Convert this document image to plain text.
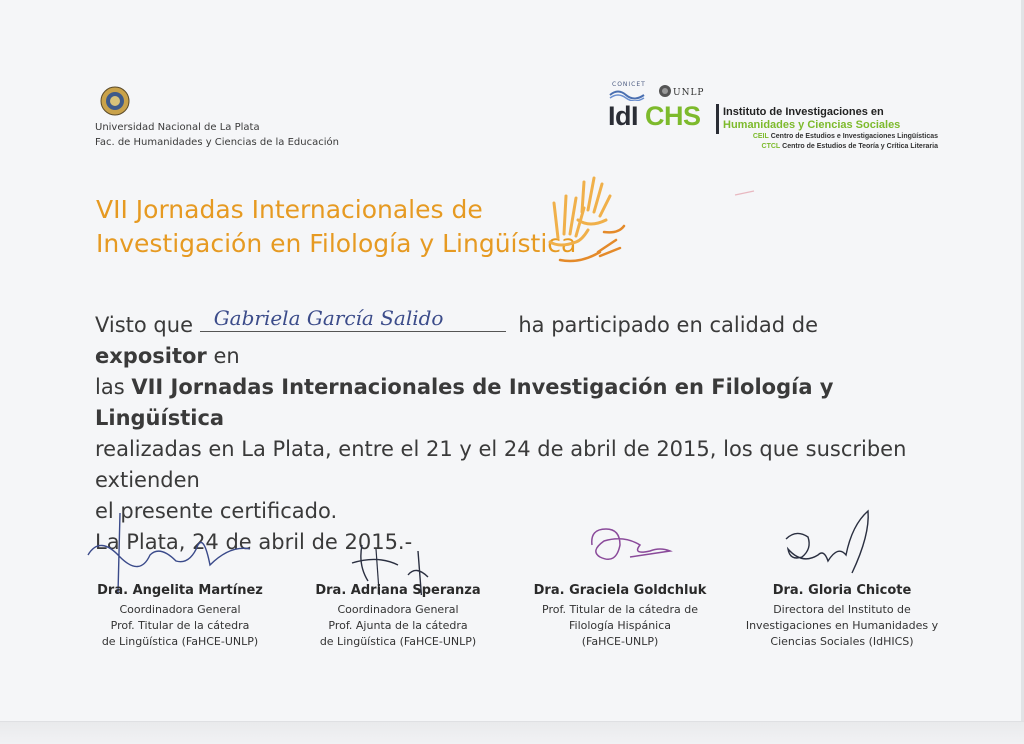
Universidad Nacional de La Plata
Fac. de Humanidades y Ciencias de la Educación
CONICET
UNLP
IdI CHS Instituto de Investigaciones en
Humanidades y Ciencias Sociales
CEIL Centro de Estudios e Investigaciones Lingüísticas
CTCL Centro de Estudios de Teoría y Crítica Literaria
VII Jornadas Internacionales de
Investigación en Filología y Lingüística
Visto que Gabriela García Salido	ha participado en calidad de expositor en
las VII Jornadas Internacionales de Investigación en Filología y Lingüística
realizadas en La Plata, entre el 21 y el 24 de abril de 2015, los que suscriben extienden
el presente certificado.
La Plata, 24 de abril de 2015.-
Dra. Angelita Martínez
Coordinadora General
Prof. Titular de la cátedra
de Lingüística (FaHCE-UNLP)
Dra. Adriana Speranza
Coordinadora General
Prof. Ajunta de la cátedra
de Lingüística (FaHCE-UNLP)
Dra. Graciela Goldchluk
Prof. Titular de la cátedra de
Filología Hispánica
(FaHCE-UNLP)
Dra. Gloria Chicote
Directora del Instituto de
Investigaciones en Humanidades y
Ciencias Sociales (IdHICS)
